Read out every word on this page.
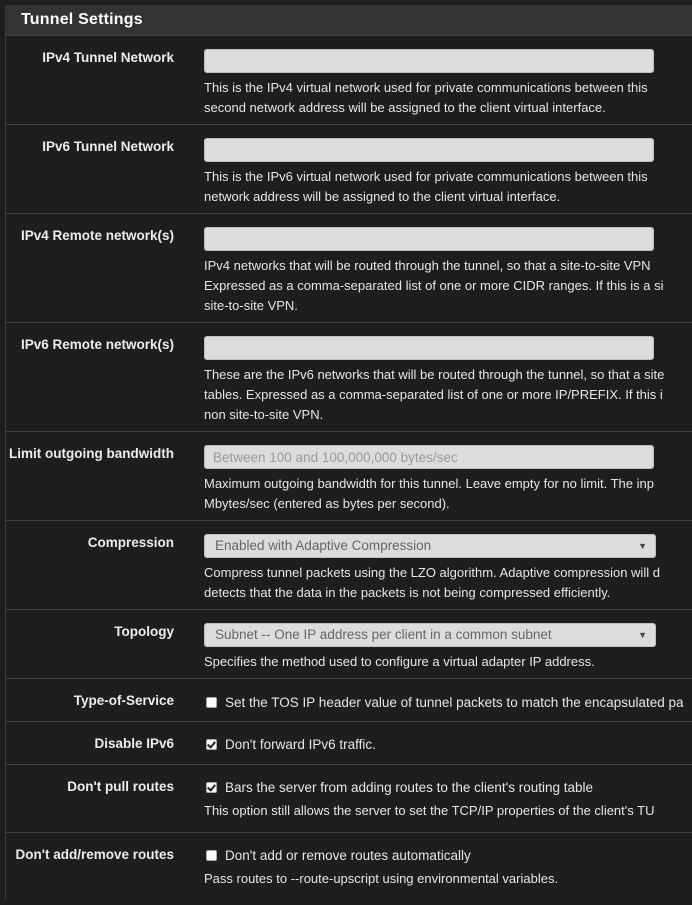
Tunnel Settings
IPv4 Tunnel Network
This is the IPv4 virtual network used for private communications between this
second network address will be assigned to the client virtual interface.
IPv6 Tunnel Network
This is the IPv6 virtual network used for private communications between this
network address will be assigned to the client virtual interface.
IPv4 Remote network(s)
IPv4 networks that will be routed through the tunnel, so that a site-to-site VPN
Expressed as a comma-separated list of one or more CIDR ranges. If this is a si
site-to-site VPN.
IPv6 Remote network(s)
These are the IPv6 networks that will be routed through the tunnel, so that a site
tables. Expressed as a comma-separated list of one or more IP/PREFIX. If this i
non site-to-site VPN.
Limit outgoing bandwidth
Between 100 and 100,000,000 bytes/sec
Maximum outgoing bandwidth for this tunnel. Leave empty for no limit. The inp
Mbytes/sec (entered as bytes per second).
Compression	Enabled with Adaptive Compression	▼
Compress tunnel packets using the LZO algorithm. Adaptive compression will d
detects that the data in the packets is not being compressed efficiently.
Topology	Subnet -- One IP address per client in a common subnet	▼
Specifies the method used to configure a virtual adapter IP address.
Type-of-Service	Set the TOS IP header value of tunnel packets to match the encapsulated pa
Disable IPv6	Don't forward IPv6 traffic.
Don't pull routes	Bars the server from adding routes to the client's routing table
This option still allows the server to set the TCP/IP properties of the client's TU
Don't add/remove routes	Don't add or remove routes automatically
Pass routes to --route-upscript using environmental variables.
